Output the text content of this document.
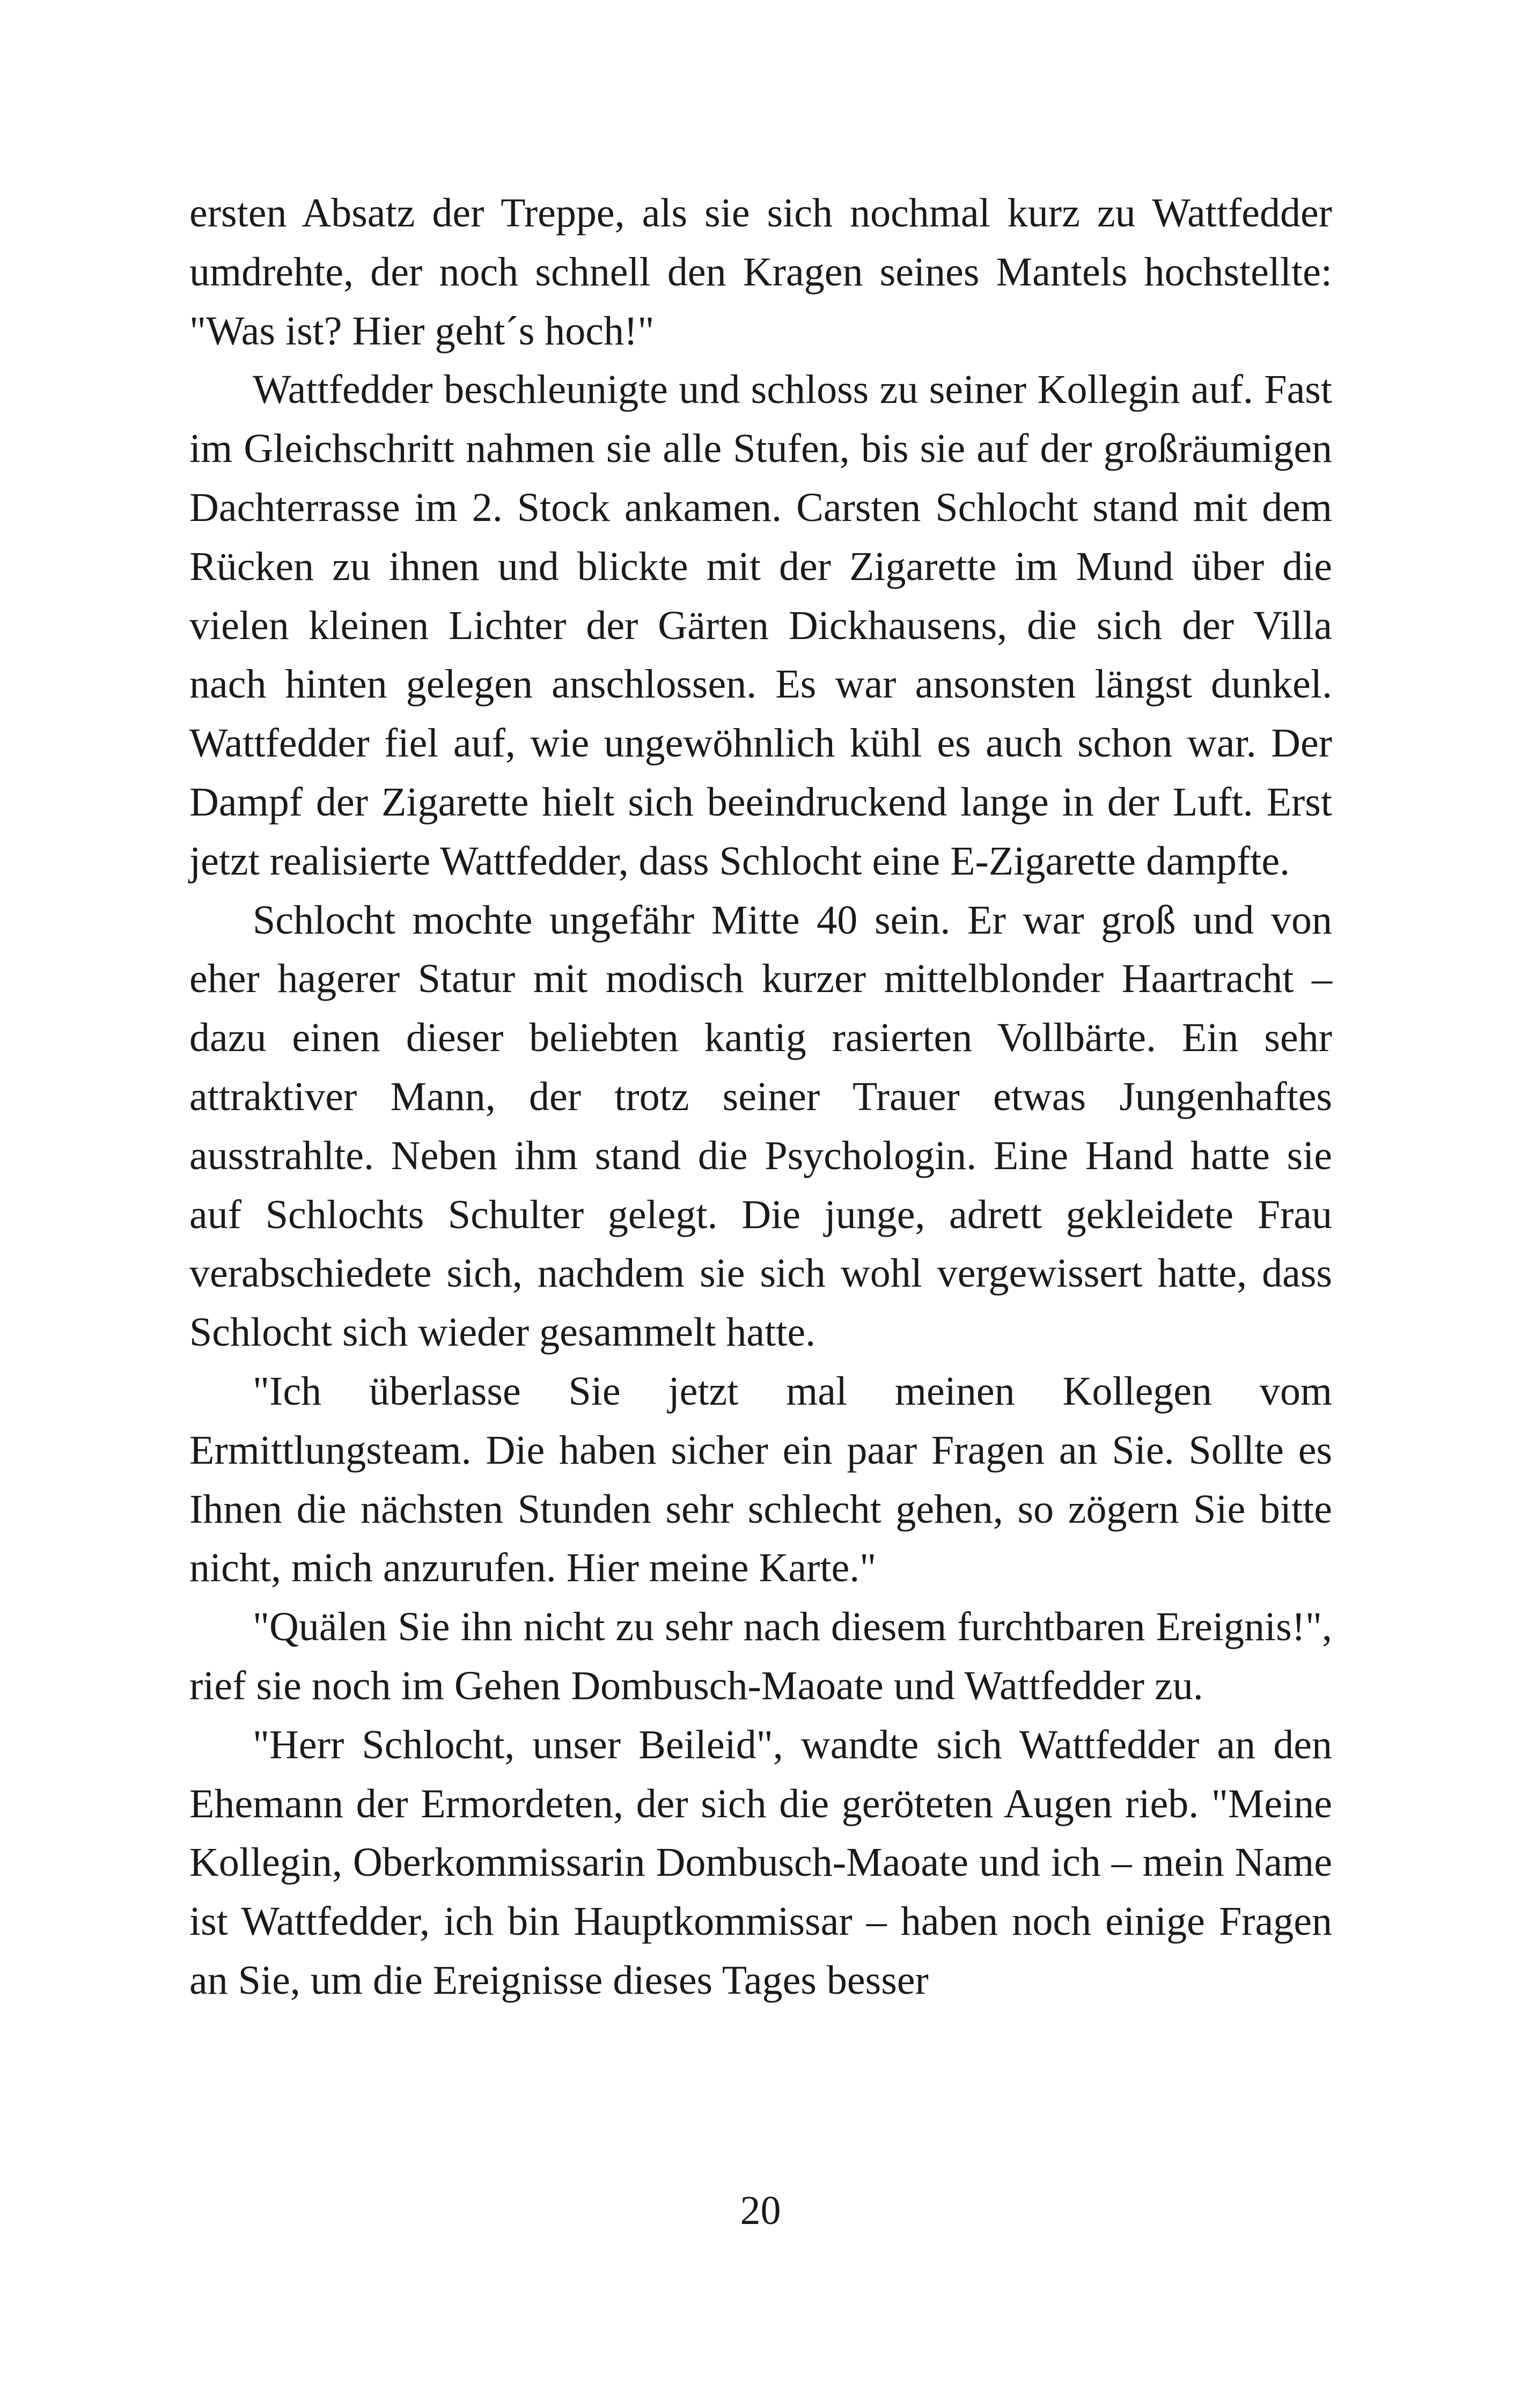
ersten Absatz der Treppe, als sie sich nochmal kurz zu Wattfedder umdrehte, der noch schnell den Kragen seines Mantels hochstellte: "Was ist? Hier geht´s hoch!"

Wattfedder beschleunigte und schloss zu seiner Kollegin auf. Fast im Gleichschritt nahmen sie alle Stufen, bis sie auf der großräumigen Dachterrasse im 2. Stock ankamen. Carsten Schlocht stand mit dem Rücken zu ihnen und blickte mit der Zigarette im Mund über die vielen kleinen Lichter der Gärten Dickhausens, die sich der Villa nach hinten gelegen anschlossen. Es war ansonsten längst dunkel. Wattfedder fiel auf, wie ungewöhnlich kühl es auch schon war. Der Dampf der Zigarette hielt sich beeindruckend lange in der Luft. Erst jetzt realisierte Wattfedder, dass Schlocht eine E-Zigarette dampfte.

Schlocht mochte ungefähr Mitte 40 sein. Er war groß und von eher hagerer Statur mit modisch kurzer mittelblonder Haartracht – dazu einen dieser beliebten kantig rasierten Vollbärte. Ein sehr attraktiver Mann, der trotz seiner Trauer etwas Jungenhaftes ausstrahlte. Neben ihm stand die Psychologin. Eine Hand hatte sie auf Schlochts Schulter gelegt. Die junge, adrett gekleidete Frau verabschiedete sich, nachdem sie sich wohl vergewissert hatte, dass Schlocht sich wieder gesammelt hatte.

"Ich überlasse Sie jetzt mal meinen Kollegen vom Ermittlungsteam. Die haben sicher ein paar Fragen an Sie. Sollte es Ihnen die nächsten Stunden sehr schlecht gehen, so zögern Sie bitte nicht, mich anzurufen. Hier meine Karte."

"Quälen Sie ihn nicht zu sehr nach diesem furchtbaren Ereignis!", rief sie noch im Gehen Dombusch-Maoate und Wattfedder zu.

"Herr Schlocht, unser Beileid", wandte sich Wattfedder an den Ehemann der Ermordeten, der sich die geröteten Augen rieb. "Meine Kollegin, Oberkommissarin Dombusch-Maoate und ich – mein Name ist Wattfedder, ich bin Hauptkommissar – haben noch einige Fragen an Sie, um die Ereignisse dieses Tages besser

20
